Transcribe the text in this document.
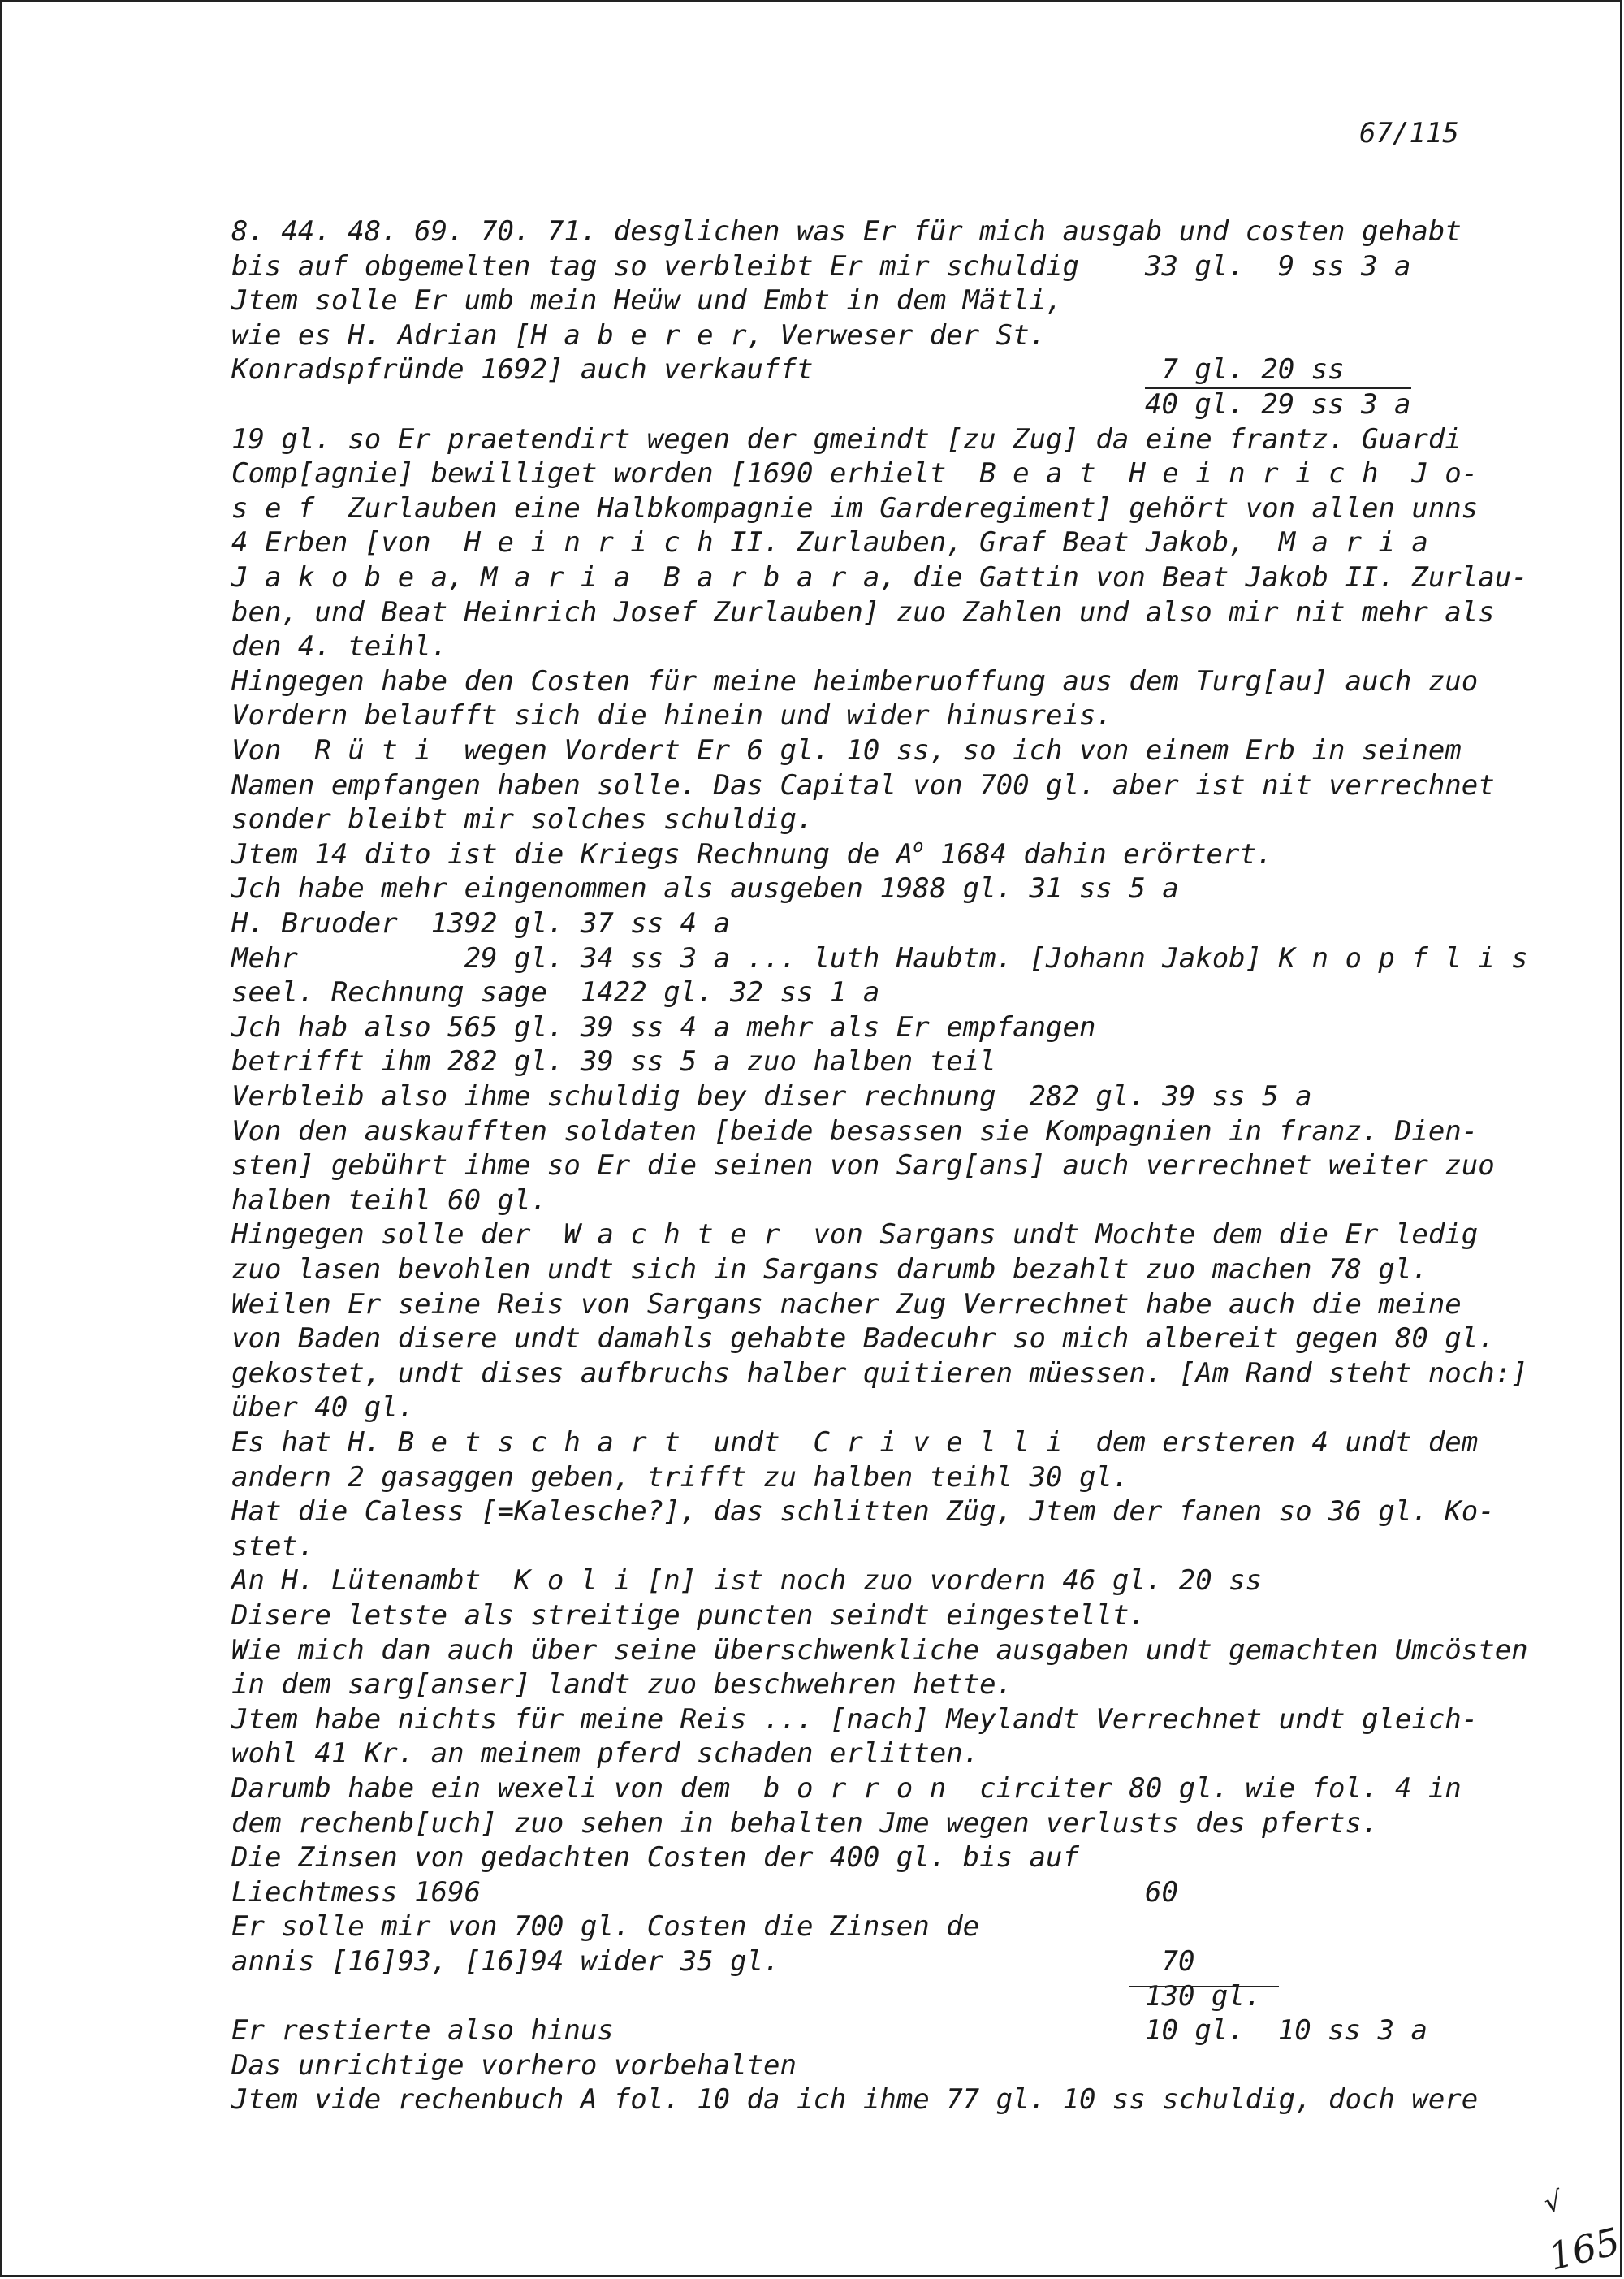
67/115
8. 44. 48. 69. 70. 71. desglichen was Er für mich ausgab und costen gehabt
bis auf obgemelten tag so verbleibt Er mir schuldig 33 gl.  9 ss 3 a
Jtem solle Er umb mein Heüw und Embt in dem Mätli,
wie es H. Adrian [H a b e r e r, Verweser der St.
Konradspfründe 1692] auch verkaufft	7 gl. 20 ss
40 gl. 29 ss 3 a
19 gl. so Er praetendirt wegen der gmeindt [zu Zug] da eine frantz. Guardi
Comp[agnie] bewilliget worden [1690 erhielt  B e a t  H e i n r i c h  J o-
s e f  Zurlauben eine Halbkompagnie im Garderegiment] gehört von allen unns
4 Erben [von  H e i n r i c h II. Zurlauben, Graf Beat Jakob,  M a r i a
J a k o b e a, M a r i a  B a r b a r a, die Gattin von Beat Jakob II. Zurlau-
ben, und Beat Heinrich Josef Zurlauben] zuo Zahlen und also mir nit mehr als
den 4. teihl.
Hingegen habe den Costen für meine heimberuoffung aus dem Turg[au] auch zuo
Vordern belaufft sich die hinein und wider hinusreis.
Von  R ü t i  wegen Vordert Er 6 gl. 10 ss, so ich von einem Erb in seinem
Namen empfangen haben solle. Das Capital von 700 gl. aber ist nit verrechnet
sonder bleibt mir solches schuldig.
Jtem 14 dito ist die Kriegs Rechnung de $A^o$ 1684 dahin erörtert.
Jch habe mehr eingenommen als ausgeben 1988 gl. 31 ss 5 a
H. Bruoder  1392 gl. 37 ss 4 a
Mehr          29 gl. 34 ss 3 a ... luth Haubtm. [Johann Jakob] K n o p f l i s
seel. Rechnung sage  1422 gl. 32 ss 1 a
Jch hab also 565 gl. 39 ss 4 a mehr als Er empfangen
betrifft ihm 282 gl. 39 ss 5 a zuo halben teil
Verbleib also ihme schuldig bey diser rechnung  282 gl. 39 ss 5 a
Von den auskaufften soldaten [beide besassen sie Kompagnien in franz. Dien-
sten] gebührt ihme so Er die seinen von Sarg[ans] auch verrechnet weiter zuo
halben teihl 60 gl.
Hingegen solle der  W a c h t e r  von Sargans undt Mochte dem die Er ledig
zuo lasen bevohlen undt sich in Sargans darumb bezahlt zuo machen 78 gl.
Weilen Er seine Reis von Sargans nacher Zug Verrechnet habe auch die meine
von Baden disere undt damahls gehabte Badecuhr so mich albereit gegen 80 gl.
gekostet, undt dises aufbruchs halber quitieren müessen. [Am Rand steht noch:]
über 40 gl.
Es hat H. B e t s c h a r t  undt  C r i v e l l i  dem ersteren 4 undt dem
andern 2 gasaggen geben, trifft zu halben teihl 30 gl.
Hat die Caless [=Kalesche?], das schlitten Züg, Jtem der fanen so 36 gl. Ko-
stet.
An H. Lütenambt  K o l i [n] ist noch zuo vordern 46 gl. 20 ss
Disere letste als streitige puncten seindt eingestellt.
Wie mich dan auch über seine überschwenkliche ausgaben undt gemachten Umcösten
in dem sarg[anser] landt zuo beschwehren hette.
Jtem habe nichts für meine Reis ... [nach] Meylandt Verrechnet undt gleich-
wohl 41 Kr. an meinem pferd schaden erlitten.
Darumb habe ein wexeli von dem  b o r r o n  circiter 80 gl. wie fol. 4 in
dem rechenb[uch] zuo sehen in behalten Jme wegen verlusts des pferts.
Die Zinsen von gedachten Costen der 400 gl. bis auf
Liechtmess 1696	60
Er solle mir von 700 gl. Costen die Zinsen de
annis [16]93, [16]94 wider 35 gl.	70
130 gl.
Er restierte also hinus	10 gl.  10 ss 3 a
Das unrichtige vorhero vorbehalten
Jtem vide rechenbuch A fol. 10 da ich ihme 77 gl. 10 ss schuldig, doch were
√
165
